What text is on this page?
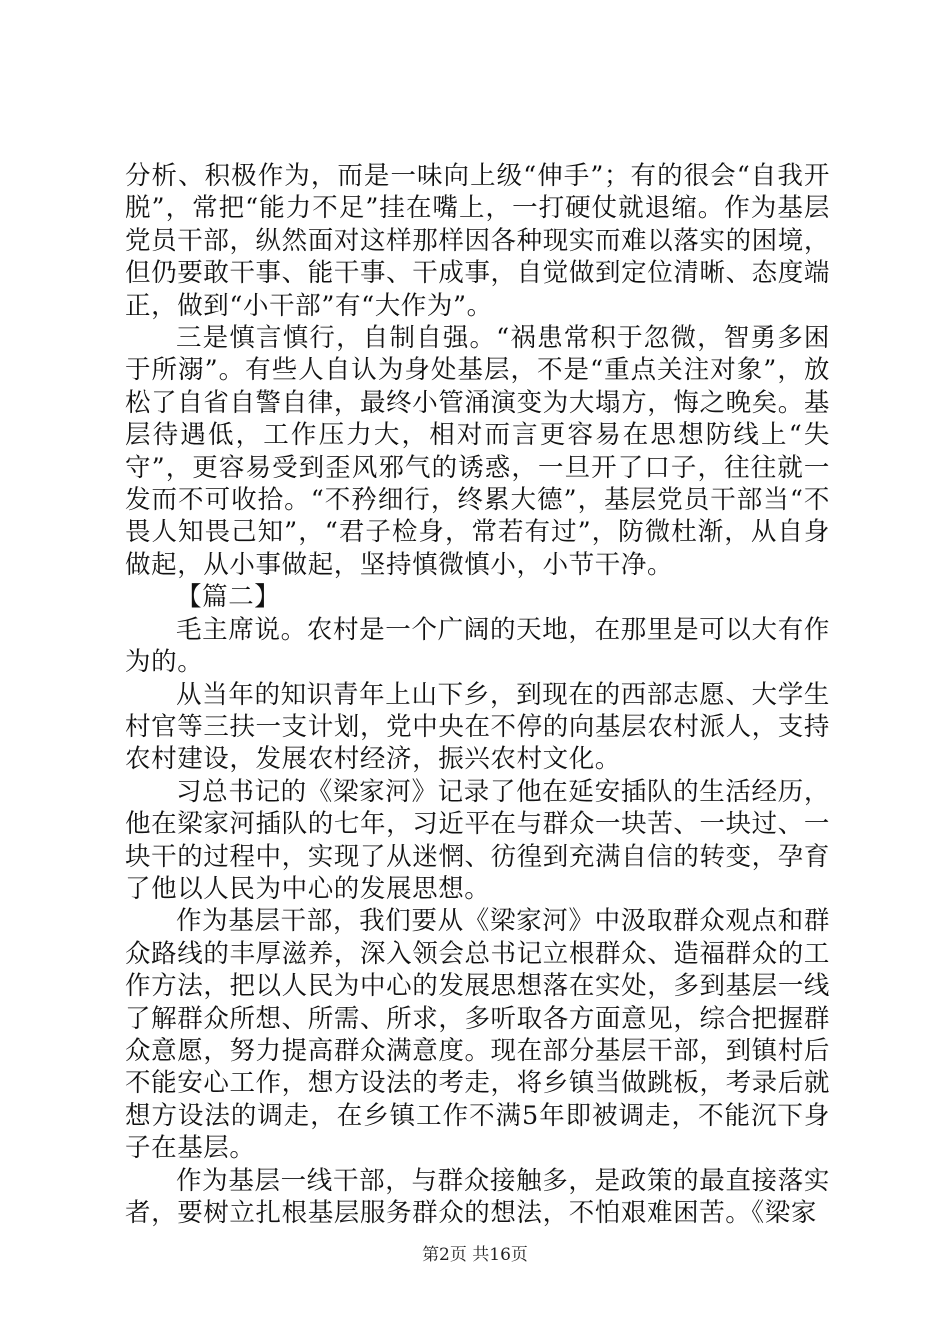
分析、积极作为，而是一味向上级“伸手”；有的很会“自我开脱”，常把“能力不足”挂在嘴上，一打硬仗就退缩。作为基层党员干部，纵然面对这样那样因各种现实而难以落实的困境，但仍要敢干事、能干事、干成事，自觉做到定位清晰、态度端正，做到“小干部”有“大作为”。

三是慎言慎行，自制自强。“祸患常积于忽微，智勇多困于所溺”。有些人自认为身处基层，不是“重点关注对象”，放松了自省自警自律，最终小管涌演变为大塌方，悔之晚矣。基层待遇低，工作压力大，相对而言更容易在思想防线上“失守”，更容易受到歪风邪气的诱惑，一旦开了口子，往往就一发而不可收拾。“不矜细行，终累大德”，基层党员干部当“不畏人知畏己知”，“君子检身，常若有过”，防微杜渐，从自身做起，从小事做起，坚持慎微慎小，小节干净。

【篇二】

毛主席说。农村是一个广阔的天地，在那里是可以大有作为的。

从当年的知识青年上山下乡，到现在的西部志愿、大学生村官等三扶一支计划，党中央在不停的向基层农村派人，支持农村建设，发展农村经济，振兴农村文化。

习总书记的《梁家河》记录了他在延安插队的生活经历，他在梁家河插队的七年，习近平在与群众一块苦、一块过、一块干的过程中，实现了从迷惘、彷徨到充满自信的转变，孕育了他以人民为中心的发展思想。

作为基层干部，我们要从《梁家河》中汲取群众观点和群众路线的丰厚滋养，深入领会总书记立根群众、造福群众的工作方法，把以人民为中心的发展思想落在实处，多到基层一线了解群众所想、所需、所求，多听取各方面意见，综合把握群众意愿，努力提高群众满意度。现在部分基层干部，到镇村后不能安心工作，想方设法的考走，将乡镇当做跳板，考录后就想方设法的调走，在乡镇工作不满5年即被调走，不能沉下身子在基层。

作为基层一线干部，与群众接触多，是政策的最直接落实者，要树立扎根基层服务群众的想法，不怕艰难困苦。《梁家

第2页 共16页
